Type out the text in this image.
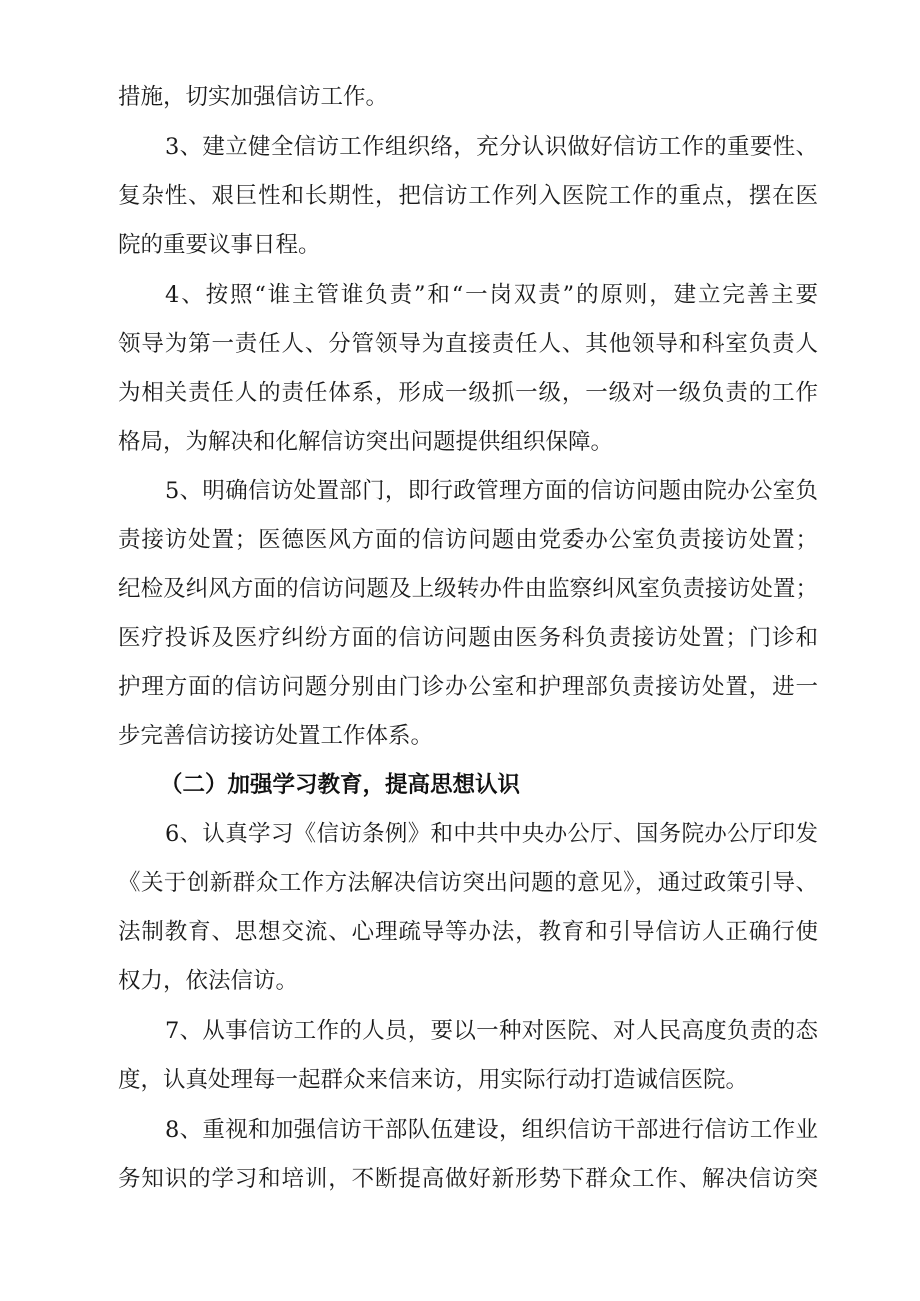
措施，切实加强信访工作。
3、建立健全信访工作组织络，充分认识做好信访工作的重要性、
复杂性、艰巨性和长期性，把信访工作列入医院工作的重点，摆在医
院的重要议事日程。
4、按照“谁主管谁负责”和“一岗双责”的原则，建立完善主要
领导为第一责任人、分管领导为直接责任人、其他领导和科室负责人
为相关责任人的责任体系，形成一级抓一级，一级对一级负责的工作
格局，为解决和化解信访突出问题提供组织保障。
5、明确信访处置部门，即行政管理方面的信访问题由院办公室负
责接访处置；医德医风方面的信访问题由党委办公室负责接访处置；
纪检及纠风方面的信访问题及上级转办件由监察纠风室负责接访处置；
医疗投诉及医疗纠纷方面的信访问题由医务科负责接访处置；门诊和
护理方面的信访问题分别由门诊办公室和护理部负责接访处置，进一
步完善信访接访处置工作体系。
（二）加强学习教育，提高思想认识
6、认真学习《信访条例》和中共中央办公厅、国务院办公厅印发
《关于创新群众工作方法解决信访突出问题的意见》，通过政策引导、
法制教育、思想交流、心理疏导等办法，教育和引导信访人正确行使
权力，依法信访。
7、从事信访工作的人员，要以一种对医院、对人民高度负责的态
度，认真处理每一起群众来信来访，用实际行动打造诚信医院。
8、重视和加强信访干部队伍建设，组织信访干部进行信访工作业
务知识的学习和培训，不断提高做好新形势下群众工作、解决信访突
